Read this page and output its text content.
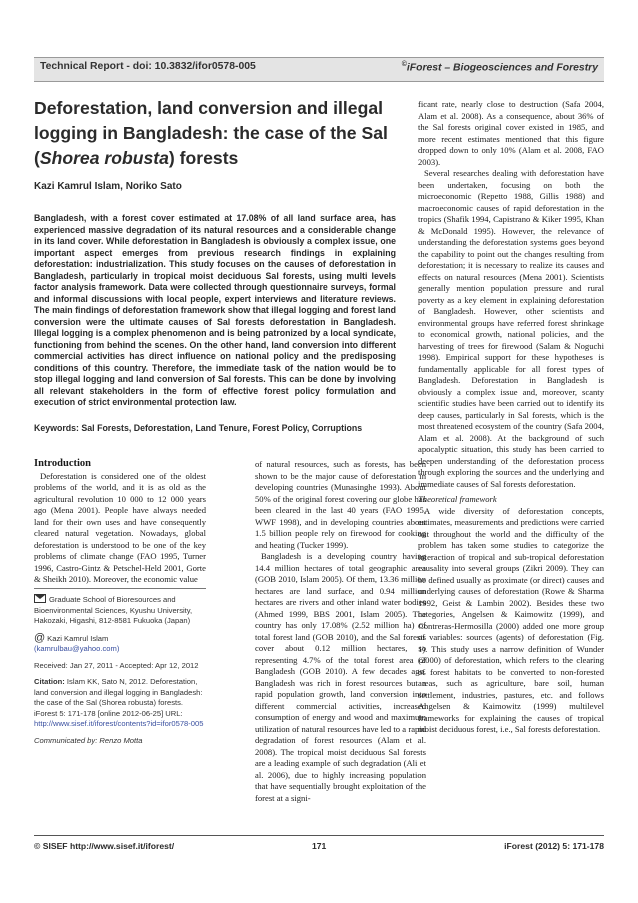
Technical Report - doi: 10.3832/ifor0578-005	©iForest – Biogeosciences and Forestry
Deforestation, land conversion and illegal logging in Bangladesh: the case of the Sal (Shorea robusta) forests
Kazi Kamrul Islam, Noriko Sato
Bangladesh, with a forest cover estimated at 17.08% of all land surface area, has experienced massive degradation of its natural resources and a considerable change in its land cover. While deforestation in Bangladesh is obviously a complex issue, one important aspect emerges from previous research findings in explaining deforestation: industrialization. This study focuses on the causes of deforestation in Bangladesh, particularly in tropical moist deciduous Sal forests, using multi levels factor analysis framework. Data were collected through questionnaire surveys, formal and informal discussions with local people, expert interviews and literature reviews. The main findings of deforestation framework show that illegal logging and forest land conversion were the ultimate causes of Sal forests deforestation in Bangladesh. Illegal logging is a complex phenomenon and is being patronized by a local syndicate, functioning from behind the scenes. On the other hand, land conversion into different commercial activities has direct influence on national policy and the predisposing conditions of this country. Therefore, the immediate task of the nation would be to stop illegal logging and land conversion of Sal forests. This can be done by involving all relevant stakeholders in the form of effective forest policy formulation and execution of strict environmental protection law.
Keywords: Sal Forests, Deforestation, Land Tenure, Forest Policy, Corruptions
Introduction

Deforestation is considered one of the oldest problems of the world, and it is as old as the agricultural revolution 10 000 to 12 000 years ago (Mena 2001). People have always needed land for their own uses and have consequently cleared natural vegetation. Nowadays, global deforestation is understood to be one of the key problems of climate change (FAO 1995, Turner 1996, Castro-Gintz & Petschel-Held 2001, Gorte & Sheikh 2010). Moreover, the economic value

Graduate School of Bioresources and Bioenvironmental Sciences, Kyushu University, Hakozaki, Higashi, 812-8581 Fukuoka (Japan)

@ Kazi Kamrul Islam
(kamrulbau@yahoo.com)

Received: Jan 27, 2011 - Accepted: Apr 12, 2012

Citation: Islam KK, Sato N, 2012. Deforestation, land conversion and illegal logging in Bangladesh: the case of the Sal (Shorea robusta) forests. iForest 5: 171-178 [online 2012-06-25] URL:
http://www.sisef.it/iforest/contents?id=ifor0578-005

Communicated by: Renzo Motta

of natural resources, such as forests, has been shown to be the major cause of deforestation in developing countries (Munasinghe 1993). About 50% of the original forest covering our globe has been cleared in the last 40 years (FAO 1995, WWF 1998), and in developing countries about 1.5 billion people rely on firewood for cooking and heating (Tucker 1999).

Bangladesh is a developing country having 14.4 million hectares of total geographic area (GOB 2010, Islam 2005). Of them, 13.36 million hectares are land surface, and 0.94 million hectares are rivers and other inland water bodies (Ahmed 1999, BBS 2001, Islam 2005). The country has only 17.08% (2.52 million ha) of total forest land (GOB 2010), and the Sal forests cover about 0.12 million hectares, so representing 4.7% of the total forest area of Bangladesh (GOB 2010). A few decades ago, Bangladesh was rich in forest resources but a rapid population growth, land conversion into different commercial activities, increased consumption of energy and wood and maximum utilization of natural resources have led to a rapid degradation of forest resources (Alam et al. 2008). The tropical moist deciduous Sal forests are a leading example of such degradation (Ali et al. 2006), due to highly increasing population that have sequentially brought exploitation of the forest at a signi-

ficant rate, nearly close to destruction (Safa 2004, Alam et al. 2008). As a consequence, about 36% of the Sal forests original cover existed in 1985, and more recent estimates mentioned that this figure dropped down to only 10% (Alam et al. 2008, FAO 2003).

Several researches dealing with deforestation have been undertaken, focusing on both the microeconomic (Repetto 1988, Gillis 1988) and macroeconomic causes of rapid deforestation in the tropics (Shafik 1994, Capistrano & Kiker 1995, Khan & McDonald 1995). However, the relevance of understanding the deforestation systems goes beyond the capability to point out the changes resulting from deforestation; it is necessary to realize its causes and effects on natural resources (Mena 2001). Scientists generally mention population pressure and rural poverty as a key element in explaining deforestation of Bangladesh. However, other scientists and environmental groups have referred forest shrinkage to economical growth, national policies, and the harvesting of trees for firewood (Salam & Noguchi 1998). Empirical support for these hypotheses is fundamentally applicable for all forest types of Bangladesh. Deforestation in Bangladesh is obviously a complex issue and, moreover, scanty scientific studies have been carried out to identify its deep causes, particularly in Sal forests, which is the most threatened ecosystem of the country (Safa 2004, Alam et al. 2008). At the background of such apocalyptic situation, this study has been carried to deepen understanding of the deforestation process through exploring the sources and the underlying and immediate causes of Sal forests deforestation.

Theoretical framework

A wide diversity of deforestation concepts, estimates, measurements and predictions were carried out throughout the world and the difficulty of the problem has taken some studies to categorize the interaction of tropical and sub-tropical deforestation causality into several groups (Zikri 2009). They can be defined usually as proximate (or direct) causes and underlying causes of deforestation (Rowe & Sharma 1992, Geist & Lambin 2002). Besides these two categories, Angelsen & Kaimowitz (1999), and Contreras-Hermosilla (2000) added one more group of variables: sources (agents) of deforestation (Fig. 1). This study uses a narrow definition of Wunder (2000) of deforestation, which refers to the clearing of forest habitats to be converted to non-forested areas, such as agriculture, bare soil, human settlement, industries, pastures, etc. and follows Angelsen & Kaimowitz (1999) multilevel frameworks for explaining the causes of tropical moist deciduous forest, i.e., Sal forests deforestation.

© SISEF http://www.sisef.it/iforest/	171	iForest (2012) 5: 171-178
